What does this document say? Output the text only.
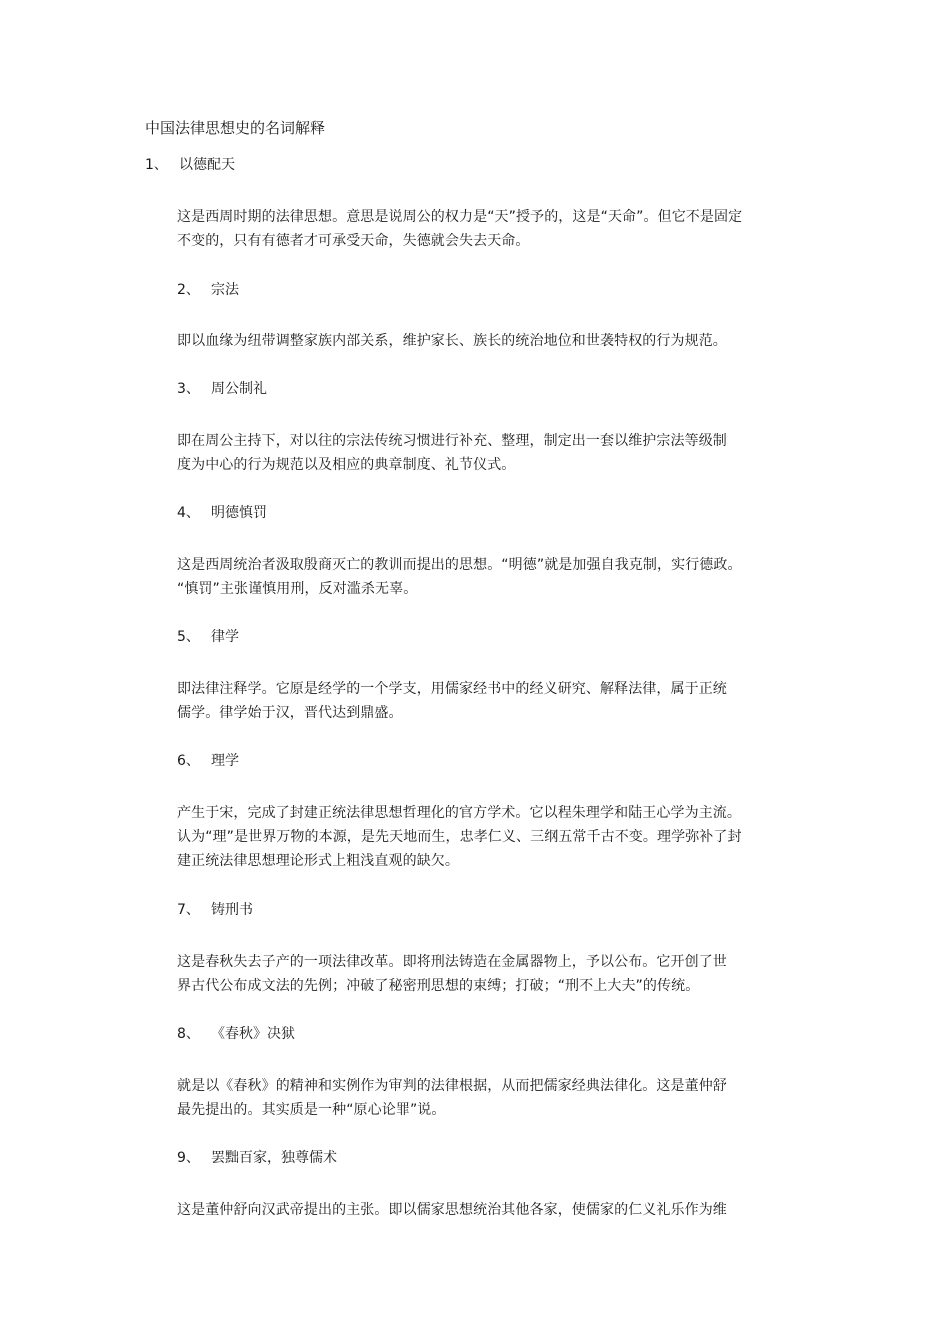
中国法律思想史的名词解释
1、 以德配天
这是西周时期的法律思想。意思是说周公的权力是“天”授予的，这是“天命”。但它不是固定
不变的，只有有德者才可承受天命，失德就会失去天命。
2、 宗法
即以血缘为纽带调整家族内部关系，维护家长、族长的统治地位和世袭特权的行为规范。
3、 周公制礼
即在周公主持下，对以往的宗法传统习惯进行补充、整理，制定出一套以维护宗法等级制
度为中心的行为规范以及相应的典章制度、礼节仪式。
4、 明德慎罚
这是西周统治者汲取殷商灭亡的教训而提出的思想。“明德”就是加强自我克制，实行德政。
“慎罚”主张谨慎用刑，反对滥杀无辜。
5、 律学
即法律注释学。它原是经学的一个学支，用儒家经书中的经义研究、解释法律，属于正统
儒学。律学始于汉，晋代达到鼎盛。
6、 理学
产生于宋，完成了封建正统法律思想哲理化的官方学术。它以程朱理学和陆王心学为主流。
认为“理”是世界万物的本源，是先天地而生，忠孝仁义、三纲五常千古不变。理学弥补了封
建正统法律思想理论形式上粗浅直观的缺欠。
7、 铸刑书
这是春秋失去子产的一项法律改革。即将刑法铸造在金属器物上，予以公布。它开创了世
界古代公布成文法的先例；冲破了秘密刑思想的束缚；打破；“刑不上大夫”的传统。
8、 《春秋》决狱
就是以《春秋》的精神和实例作为审判的法律根据，从而把儒家经典法律化。这是董仲舒
最先提出的。其实质是一种“原心论罪”说。
9、 罢黜百家，独尊儒术
这是董仲舒向汉武帝提出的主张。即以儒家思想统治其他各家，使儒家的仁义礼乐作为维
